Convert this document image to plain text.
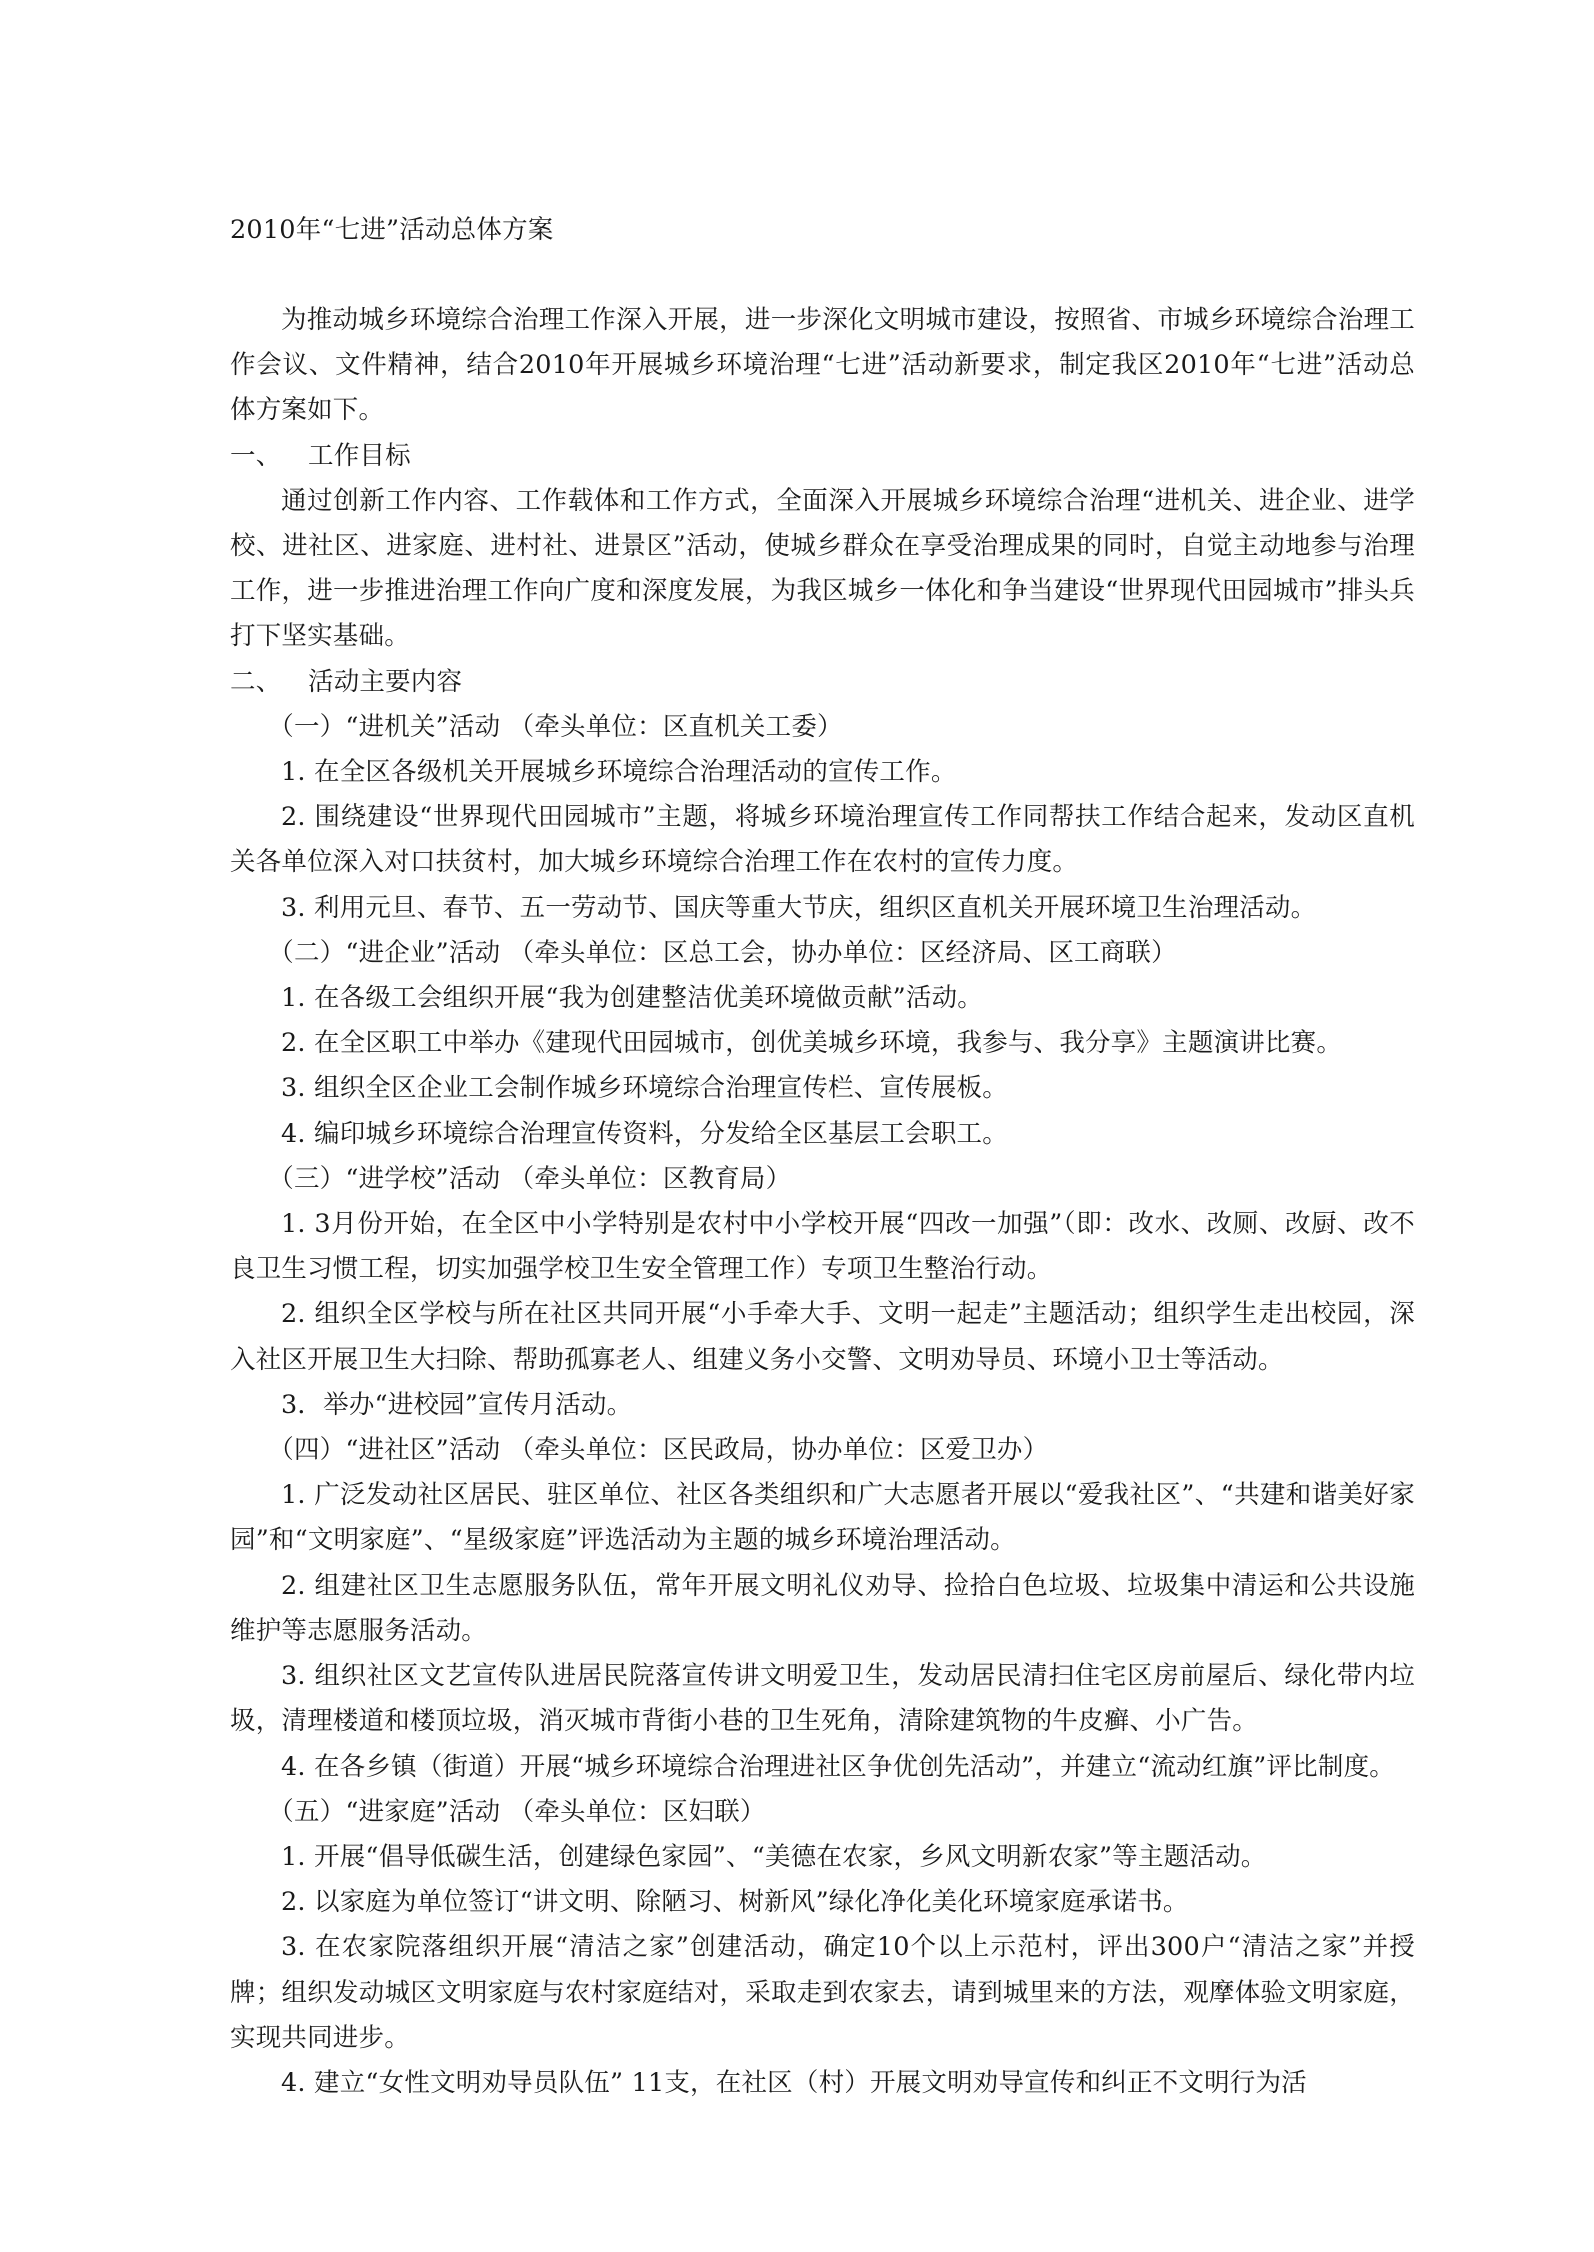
2010年“七进”活动总体方案

为推动城乡环境综合治理工作深入开展，进一步深化文明城市建设，按照省、市城乡环境综合治理工作会议、文件精神，结合2010年开展城乡环境治理“七进”活动新要求，制定我区2010年“七进”活动总体方案如下。

一、 工作目标

通过创新工作内容、工作载体和工作方式，全面深入开展城乡环境综合治理“进机关、进企业、进学校、进社区、进家庭、进村社、进景区”活动，使城乡群众在享受治理成果的同时，自觉主动地参与治理工作，进一步推进治理工作向广度和深度发展，为我区城乡一体化和争当建设“世界现代田园城市”排头兵打下坚实基础。

二、 活动主要内容

（一）“进机关”活动 （牵头单位：区直机关工委）

1. 在全区各级机关开展城乡环境综合治理活动的宣传工作。

2. 围绕建设“世界现代田园城市”主题，将城乡环境治理宣传工作同帮扶工作结合起来，发动区直机关各单位深入对口扶贫村，加大城乡环境综合治理工作在农村的宣传力度。

3. 利用元旦、春节、五一劳动节、国庆等重大节庆，组织区直机关开展环境卫生治理活动。

（二）“进企业”活动 （牵头单位：区总工会，协办单位：区经济局、区工商联）

1. 在各级工会组织开展“我为创建整洁优美环境做贡献”活动。

2. 在全区职工中举办《建现代田园城市，创优美城乡环境，我参与、我分享》主题演讲比赛。

3. 组织全区企业工会制作城乡环境综合治理宣传栏、宣传展板。

4. 编印城乡环境综合治理宣传资料，分发给全区基层工会职工。

（三）“进学校”活动 （牵头单位：区教育局）

1. 3月份开始，在全区中小学特别是农村中小学校开展“四改一加强”（即：改水、改厕、改厨、改不良卫生习惯工程，切实加强学校卫生安全管理工作）专项卫生整治行动。

2. 组织全区学校与所在社区共同开展“小手牵大手、文明一起走”主题活动；组织学生走出校园，深入社区开展卫生大扫除、帮助孤寡老人、组建义务小交警、文明劝导员、环境小卫士等活动。

3．举办“进校园”宣传月活动。

（四）“进社区”活动 （牵头单位：区民政局，协办单位：区爱卫办）

1. 广泛发动社区居民、驻区单位、社区各类组织和广大志愿者开展以“爱我社区”、“共建和谐美好家园”和“文明家庭”、“星级家庭”评选活动为主题的城乡环境治理活动。

2. 组建社区卫生志愿服务队伍，常年开展文明礼仪劝导、捡拾白色垃圾、垃圾集中清运和公共设施维护等志愿服务活动。

3. 组织社区文艺宣传队进居民院落宣传讲文明爱卫生，发动居民清扫住宅区房前屋后、绿化带内垃圾，清理楼道和楼顶垃圾，消灭城市背街小巷的卫生死角，清除建筑物的牛皮癣、小广告。

4. 在各乡镇（街道）开展“城乡环境综合治理进社区争优创先活动”，并建立“流动红旗”评比制度。

（五）“进家庭”活动 （牵头单位：区妇联）

1. 开展“倡导低碳生活，创建绿色家园”、“美德在农家，乡风文明新农家”等主题活动。

2. 以家庭为单位签订“讲文明、除陋习、树新风”绿化净化美化环境家庭承诺书。

3. 在农家院落组织开展“清洁之家”创建活动，确定10个以上示范村，评出300户“清洁之家”并授牌；组织发动城区文明家庭与农村家庭结对，采取走到农家去，请到城里来的方法，观摩体验文明家庭，实现共同进步。

4. 建立“女性文明劝导员队伍” 11支，在社区（村）开展文明劝导宣传和纠正不文明行为活
